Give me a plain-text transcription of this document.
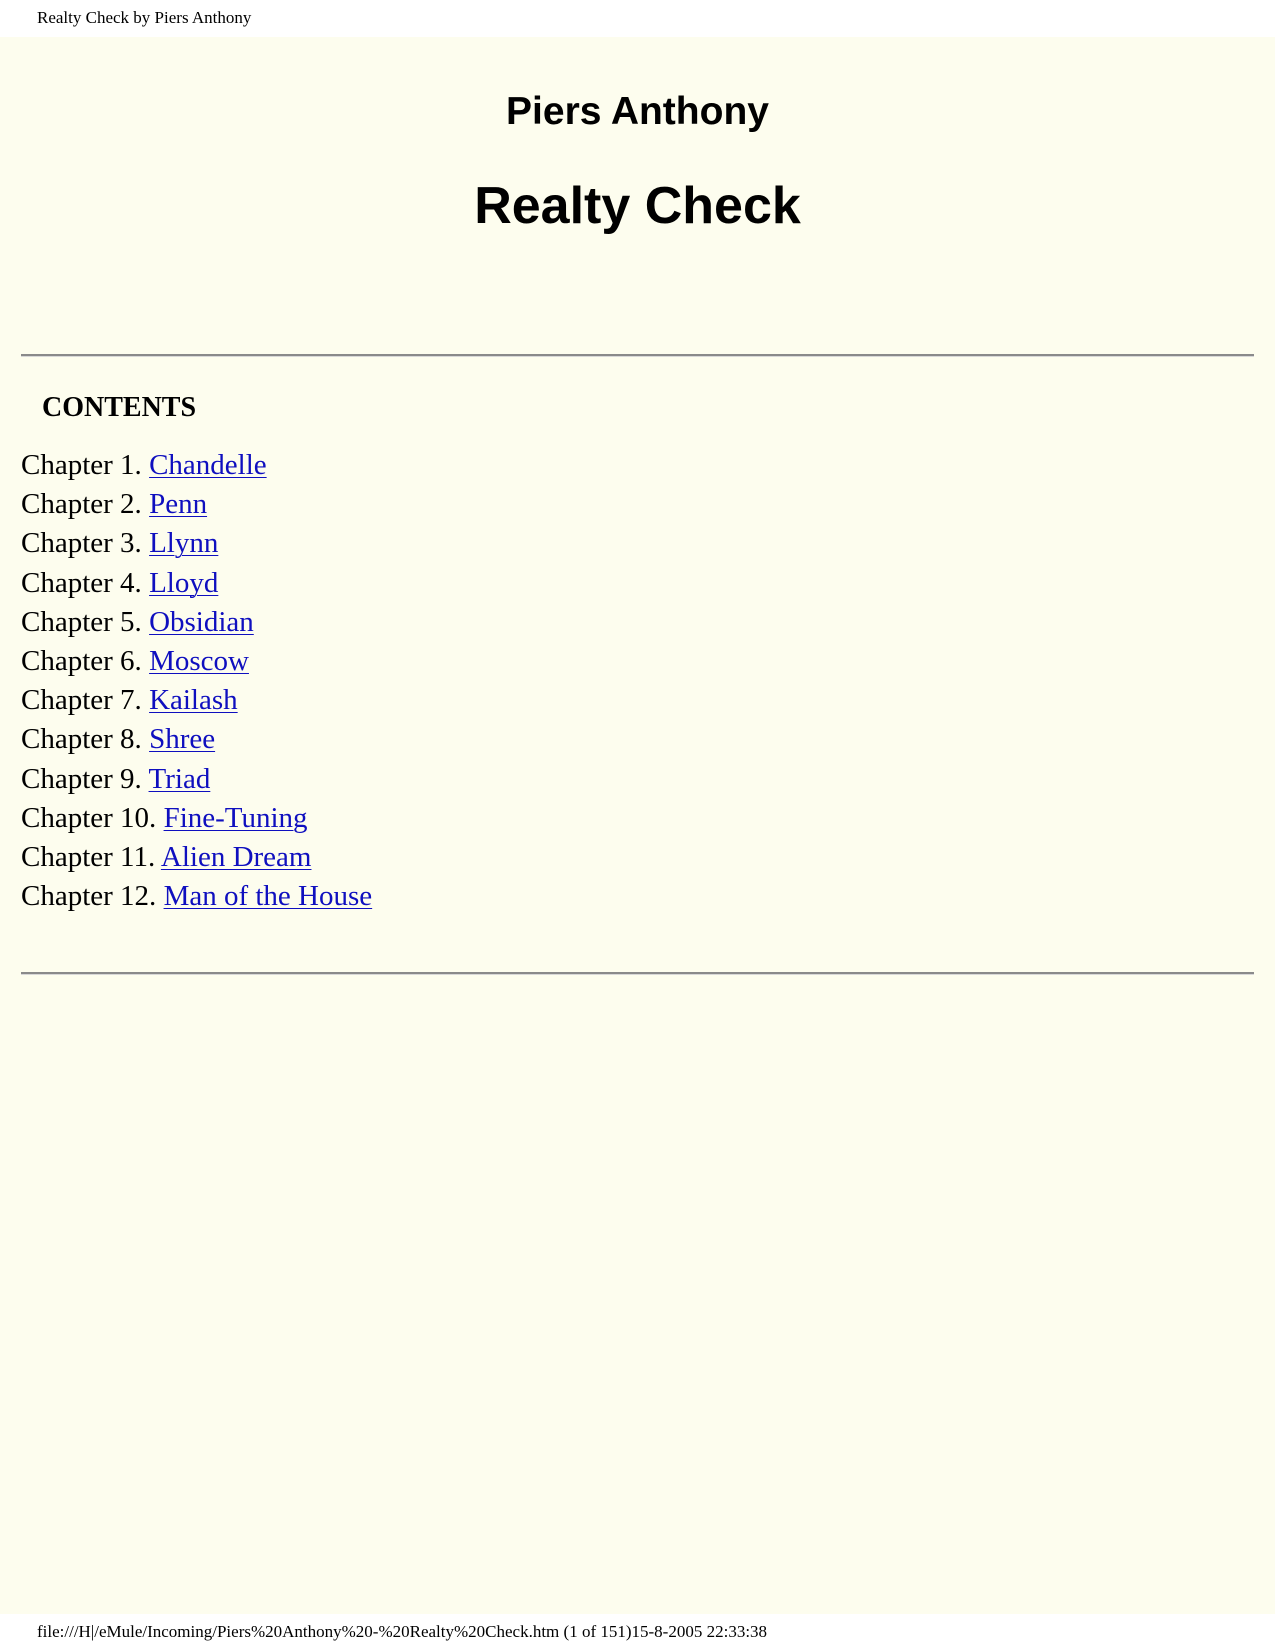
Realty Check by Piers Anthony
Piers Anthony
Realty Check
CONTENTS
Chapter 1. Chandelle
Chapter 2. Penn
Chapter 3. Llynn
Chapter 4. Lloyd
Chapter 5. Obsidian
Chapter 6. Moscow
Chapter 7. Kailash
Chapter 8. Shree
Chapter 9. Triad
Chapter 10. Fine-Tuning
Chapter 11. Alien Dream
Chapter 12. Man of the House
file:///H|/eMule/Incoming/Piers%20Anthony%20-%20Realty%20Check.htm (1 of 151)15-8-2005 22:33:38
